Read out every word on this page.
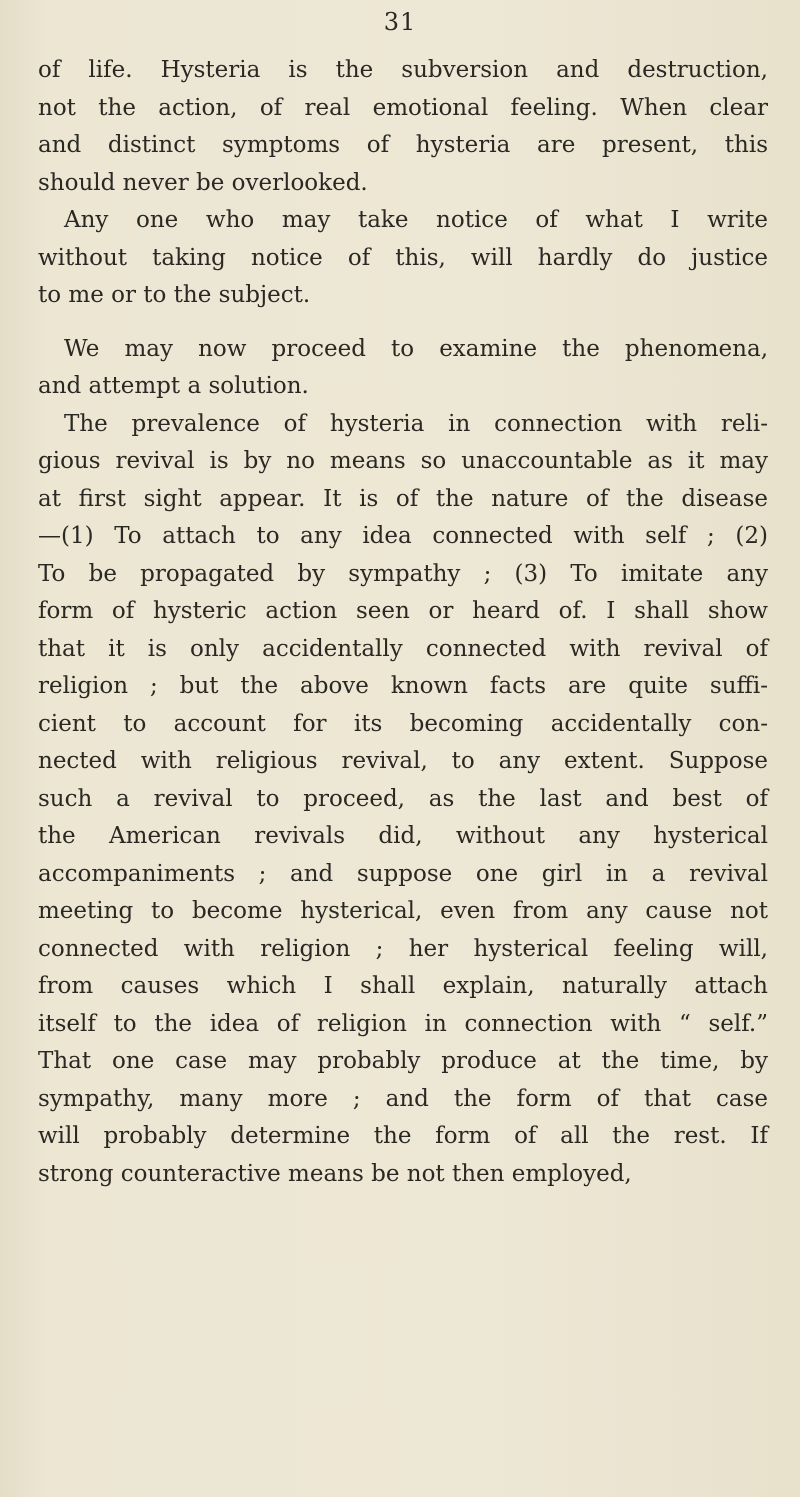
31
of life. Hysteria is the subversion and destruction,
not the action, of real emotional feeling. When clear
and distinct symptoms of hysteria are present, this
should never be overlooked.
Any one who may take notice of what I write
without taking notice of this, will hardly do justice
to me or to the subject.
We may now proceed to examine the phenomena,
and attempt a solution.
The prevalence of hysteria in connection with reli-
gious revival is by no means so unaccountable as it may
at first sight appear. It is of the nature of the disease
—(1) To attach to any idea connected with self ; (2)
To be propagated by sympathy ; (3) To imitate any
form of hysteric action seen or heard of. I shall show
that it is only accidentally connected with revival of
religion ; but the above known facts are quite suffi-
cient to account for its becoming accidentally con-
nected with religious revival, to any extent. Suppose
such a revival to proceed, as the last and best of
the American revivals did, without any hysterical
accompaniments ; and suppose one girl in a revival
meeting to become hysterical, even from any cause not
connected with religion ; her hysterical feeling will,
from causes which I shall explain, naturally attach
itself to the idea of religion in connection with “ self.”
That one case may probably produce at the time, by
sympathy, many more ; and the form of that case
will probably determine the form of all the rest. If
strong counteractive means be not then employed,
